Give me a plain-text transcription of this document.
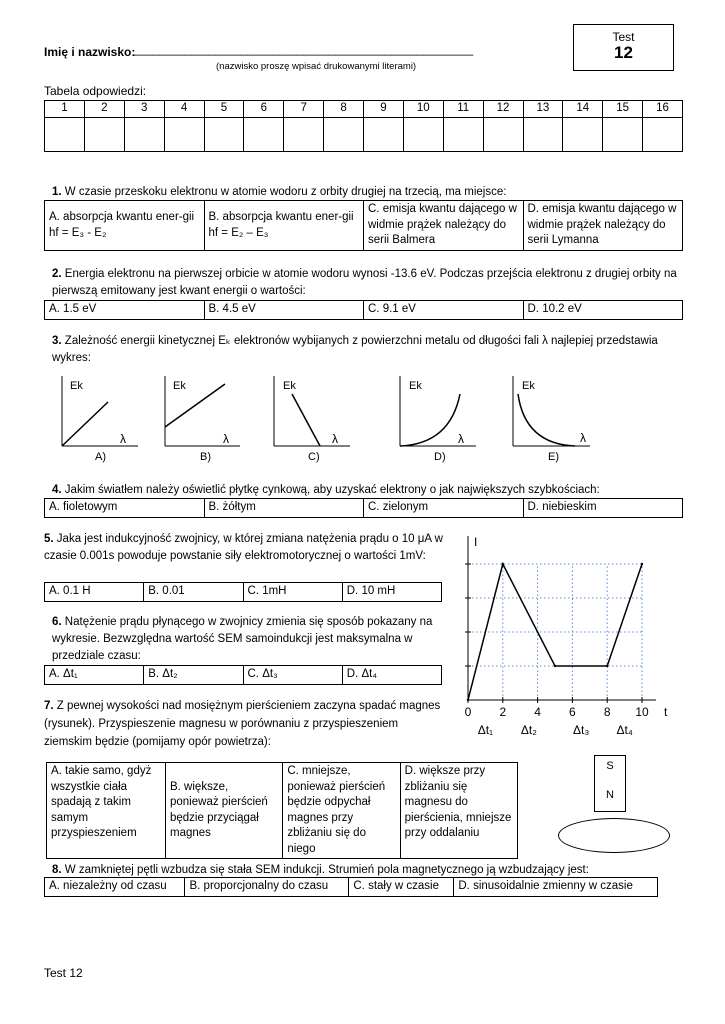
Imię i nazwisko:
______________________________________________________
(nazwisko proszę wpisać drukowanymi literami)
Test
12
Tabela odpowiedzi:
1	2	3	4	5	6	7	8	9	10	11	12	13	14	15	16

1. W czasie przeskoku elektronu w atomie wodoru z orbity drugiej na trzecią, ma miejsce:
A. absorpcja kwantu ener-gii hf = E₃ - E₂	B. absorpcja kwantu ener-gii hf = E₂ – E₃	C. emisja kwantu dającego w widmie prążek należący do serii Balmera	D. emisja kwantu dającego w widmie prążek należący do serii Lymanna
2. Energia elektronu na pierwszej orbicie w atomie wodoru wynosi -13.6 eV. Podczas przejścia elektronu z drugiej orbity na pierwszą emitowany jest kwant energii o wartości:
A. 1.5 eV	B. 4.5 eV	C. 9.1 eV	D. 10.2 eV
3. Zależność energii kinetycznej Eₖ elektronów wybijanych z powierzchni metalu od długości fali λ najlepiej przedstawia wykres:
Ek
λ
A)
Ek
λ
B)
Ek
λ
C)
Ek
λ
D)
Ek
λ
E)
4. Jakim światłem należy oświetlić płytkę cynkową, aby uzyskać elektrony o jak największych szybkościach:
A. fioletowym	B. żółtym	C. zielonym	D. niebieskim
5. Jaka jest indukcyjność zwojnicy, w której zmiana natężenia prądu o 10 μA w czasie 0.001s powoduje powstanie siły elektromotorycznej o wartości 1mV:
A. 0.1 H	B. 0.01	C. 1mH	D. 10 mH
6. Natężenie prądu płynącego w zwojnicy zmienia się sposób pokazany na wykresie. Bezwzględna wartość SEM samoindukcji jest maksymalna w przedziale czasu:
A. Δt₁	B. Δt₂	C. Δt₃	D. Δt₄
0 2 4 6 8 10
I
t
Δt₁ Δt₂	Δt₃ Δt₄
7. Z pewnej wysokości nad mosiężnym pierścieniem zaczyna spadać magnes (rysunek). Przyspieszenie magnesu w porównaniu z przyspieszeniem ziemskim będzie (pomijamy opór powietrza):
A. takie samo, gdyż wszystkie ciała spadają z takim samym przyspieszeniem	B. większe, ponieważ pierścień będzie przyciągał magnes	C. mniejsze, ponieważ pierścień będzie odpychał magnes przy zbliżaniu się do niego	D. większe przy zbliżaniu się magnesu do pierścienia, mniejsze przy oddalaniu
S
N
8. W zamkniętej pętli wzbudza się stała SEM indukcji. Strumień pola magnetycznego ją wzbudzający jest:
A. niezależny od czasu	B. proporcjonalny do czasu	C. stały w czasie	D. sinusoidalnie zmienny w czasie
Test 12
